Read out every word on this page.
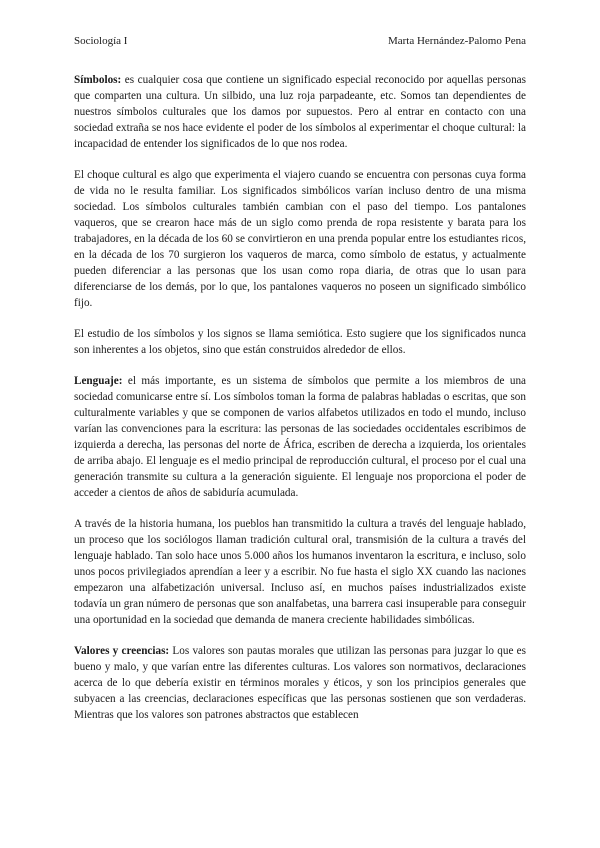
Sociología I	Marta Hernández-Palomo Pena

Símbolos: es cualquier cosa que contiene un significado especial reconocido por aquellas personas que comparten una cultura. Un silbido, una luz roja parpadeante, etc. Somos tan dependientes de nuestros símbolos culturales que los damos por supuestos. Pero al entrar en contacto con una sociedad extraña se nos hace evidente el poder de los símbolos al experimentar el choque cultural: la incapacidad de entender los significados de lo que nos rodea.

El choque cultural es algo que experimenta el viajero cuando se encuentra con personas cuya forma de vida no le resulta familiar. Los significados simbólicos varían incluso dentro de una misma sociedad. Los símbolos culturales también cambian con el paso del tiempo. Los pantalones vaqueros, que se crearon hace más de un siglo como prenda de ropa resistente y barata para los trabajadores, en la década de los 60 se convirtieron en una prenda popular entre los estudiantes ricos, en la década de los 70 surgieron los vaqueros de marca, como símbolo de estatus, y actualmente pueden diferenciar a las personas que los usan como ropa diaria, de otras que lo usan para diferenciarse de los demás, por lo que, los pantalones vaqueros no poseen un significado simbólico fijo.

El estudio de los símbolos y los signos se llama semiótica. Esto sugiere que los significados nunca son inherentes a los objetos, sino que están construidos alrededor de ellos.

Lenguaje: el más importante, es un sistema de símbolos que permite a los miembros de una sociedad comunicarse entre sí. Los símbolos toman la forma de palabras habladas o escritas, que son culturalmente variables y que se componen de varios alfabetos utilizados en todo el mundo, incluso varían las convenciones para la escritura: las personas de las sociedades occidentales escribimos de izquierda a derecha, las personas del norte de África, escriben de derecha a izquierda, los orientales de arriba abajo. El lenguaje es el medio principal de reproducción cultural, el proceso por el cual una generación transmite su cultura a la generación siguiente. El lenguaje nos proporciona el poder de acceder a cientos de años de sabiduría acumulada.

A través de la historia humana, los pueblos han transmitido la cultura a través del lenguaje hablado, un proceso que los sociólogos llaman tradición cultural oral, transmisión de la cultura a través del lenguaje hablado. Tan solo hace unos 5.000 años los humanos inventaron la escritura, e incluso, solo unos pocos privilegiados aprendían a leer y a escribir. No fue hasta el siglo XX cuando las naciones empezaron una alfabetización universal. Incluso así, en muchos países industrializados existe todavía un gran número de personas que son analfabetas, una barrera casi insuperable para conseguir una oportunidad en la sociedad que demanda de manera creciente habilidades simbólicas.

Valores y creencias: Los valores son pautas morales que utilizan las personas para juzgar lo que es bueno y malo, y que varían entre las diferentes culturas. Los valores son normativos, declaraciones acerca de lo que debería existir en términos morales y éticos, y son los principios generales que subyacen a las creencias, declaraciones específicas que las personas sostienen que son verdaderas. Mientras que los valores son patrones abstractos que establecen
